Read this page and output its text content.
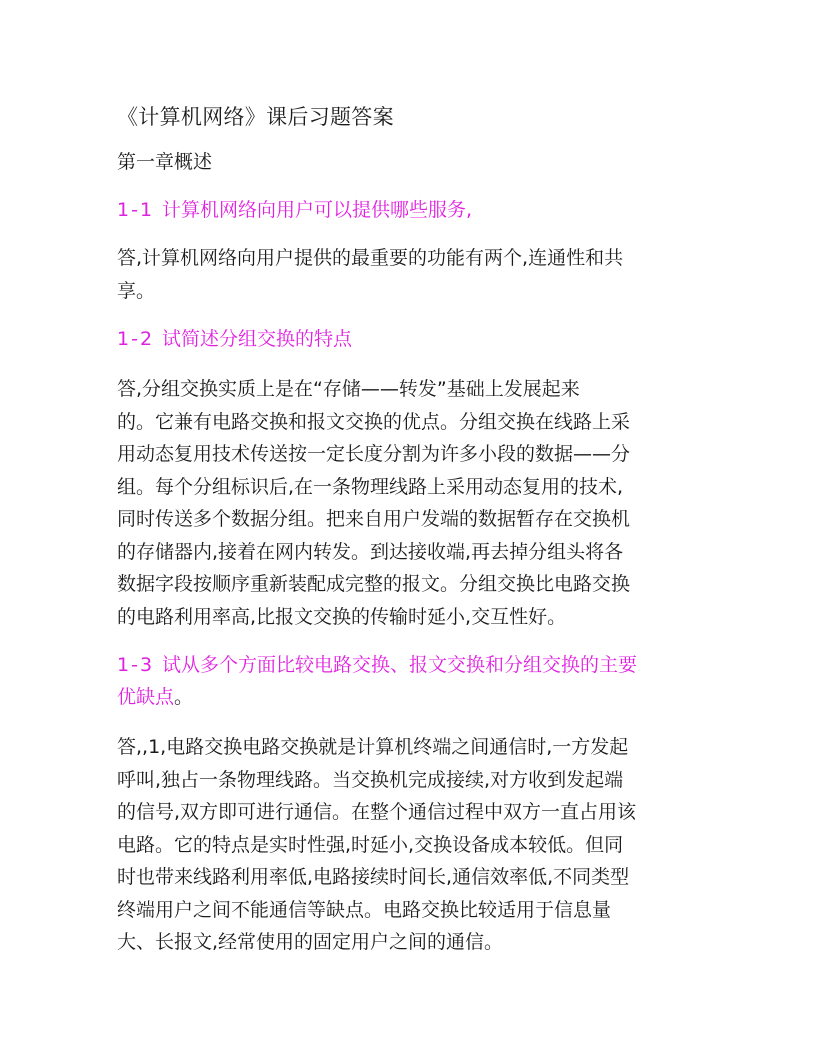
《计算机网络》课后习题答案
第一章概述

1-1 计算机网络向用户可以提供哪些服务,

答,计算机网络向用户提供的最重要的功能有两个,连通性和共
享。

1-2 试简述分组交换的特点

答,分组交换实质上是在“存储——转发”基础上发展起来
的。它兼有电路交换和报文交换的优点。分组交换在线路上采
用动态复用技术传送按一定长度分割为许多小段的数据——分
组。每个分组标识后,在一条物理线路上采用动态复用的技术,
同时传送多个数据分组。把来自用户发端的数据暂存在交换机
的存储器内,接着在网内转发。到达接收端,再去掉分组头将各
数据字段按顺序重新装配成完整的报文。分组交换比电路交换
的电路利用率高,比报文交换的传输时延小,交互性好。

1-3 试从多个方面比较电路交换、报文交换和分组交换的主要
优缺点。

答,,1,电路交换电路交换就是计算机终端之间通信时,一方发起
呼叫,独占一条物理线路。当交换机完成接续,对方收到发起端
的信号,双方即可进行通信。在整个通信过程中双方一直占用该
电路。它的特点是实时性强,时延小,交换设备成本较低。但同
时也带来线路利用率低,电路接续时间长,通信效率低,不同类型
终端用户之间不能通信等缺点。电路交换比较适用于信息量
大、长报文,经常使用的固定用户之间的通信。
